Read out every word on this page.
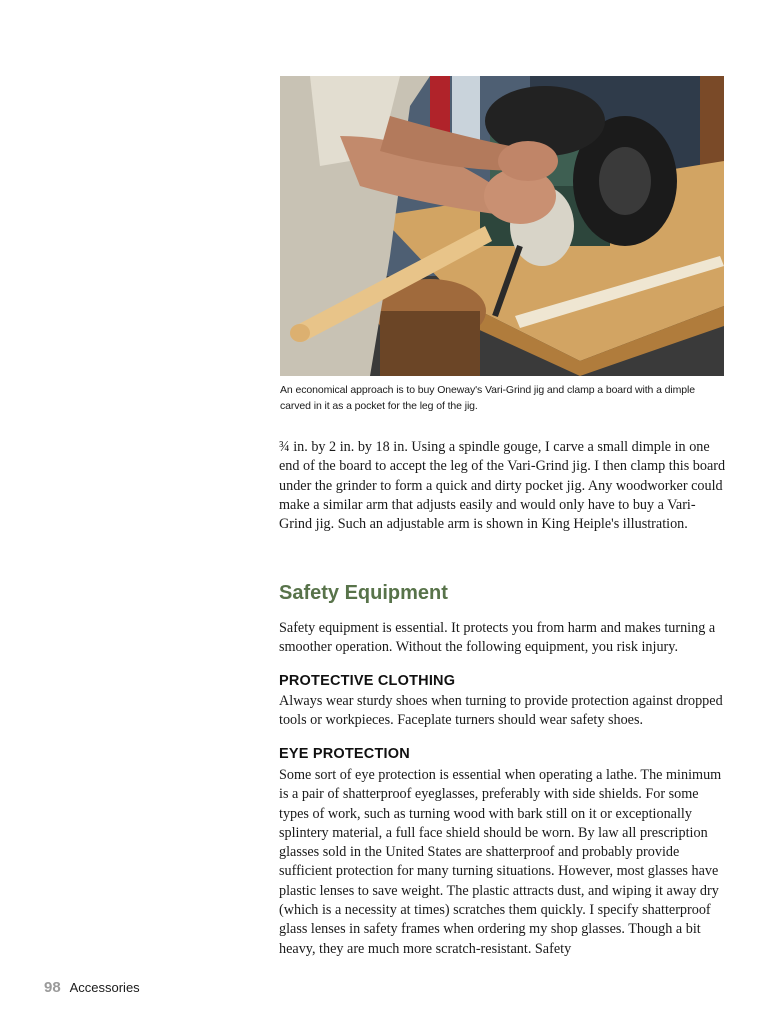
An economical approach is to buy Oneway's Vari-Grind jig and clamp a board with a dimple carved in it as a pocket for the leg of the jig.

¾ in. by 2 in. by 18 in. Using a spindle gouge, I carve a small dimple in one end of the board to accept the leg of the Vari-Grind jig. I then clamp this board under the grinder to form a quick and dirty pocket jig. Any woodworker could make a similar arm that adjusts easily and would only have to buy a Vari-Grind jig. Such an adjustable arm is shown in King Heiple's illustration.

Safety Equipment

Safety equipment is essential. It protects you from harm and makes turning a smoother operation. Without the following equipment, you risk injury.

PROTECTIVE CLOTHING

Always wear sturdy shoes when turning to provide protection against dropped tools or workpieces. Faceplate turners should wear safety shoes.

EYE PROTECTION

Some sort of eye protection is essential when operating a lathe. The minimum is a pair of shatterproof eyeglasses, preferably with side shields. For some types of work, such as turning wood with bark still on it or exceptionally splintery material, a full face shield should be worn. By law all prescription glasses sold in the United States are shatterproof and probably provide sufficient protection for many turning situations. However, most glasses have plastic lenses to save weight. The plastic attracts dust, and wiping it away dry (which is a necessity at times) scratches them quickly. I specify shatterproof glass lenses in safety frames when ordering my shop glasses. Though a bit heavy, they are much more scratch-resistant. Safety

98 Accessories
